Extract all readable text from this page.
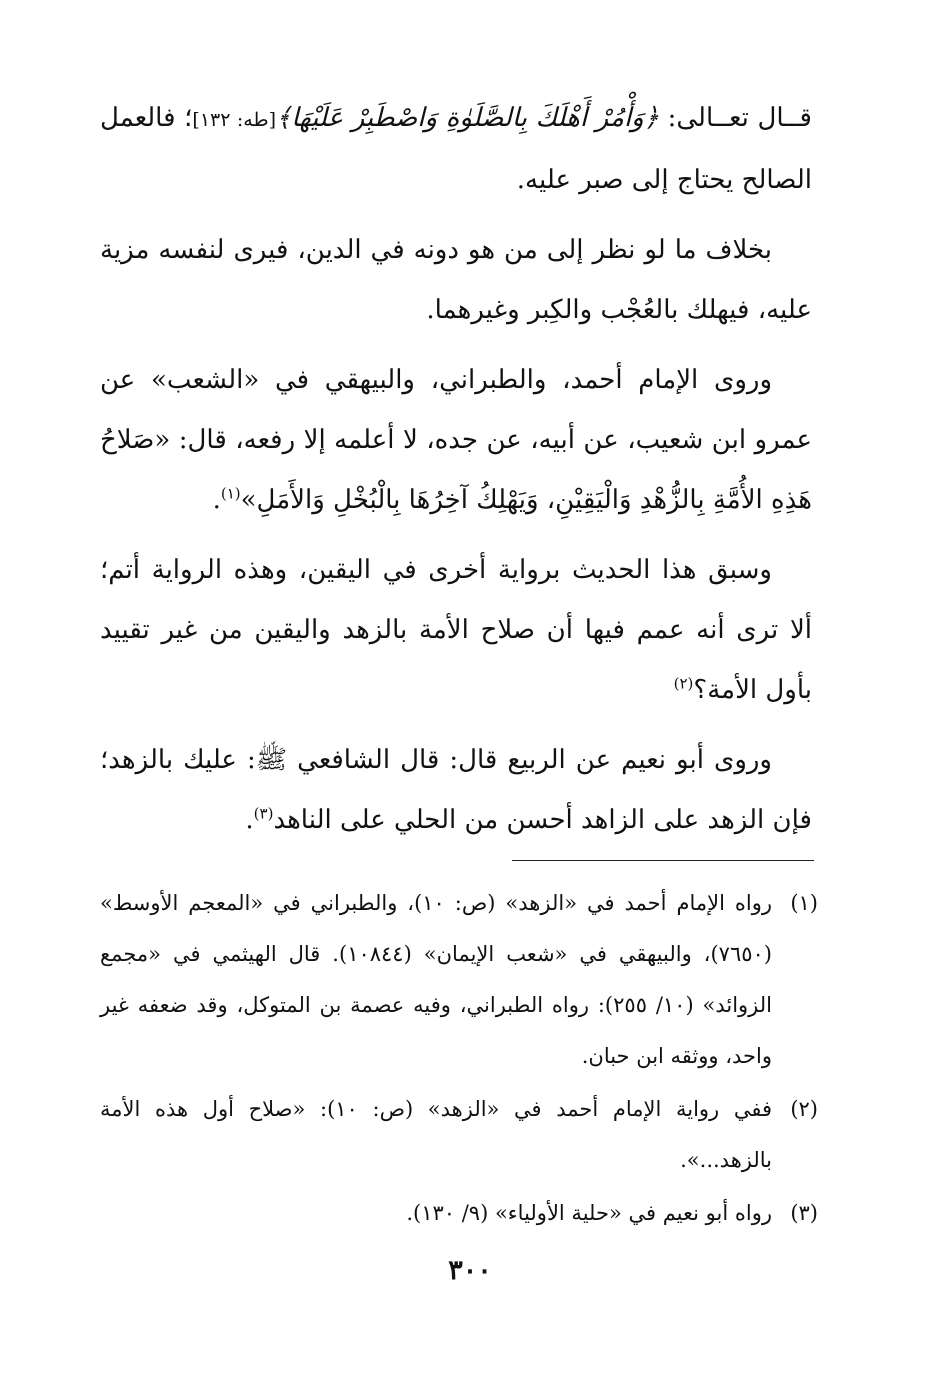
قــال تعــالى: ﴿وَأْمُرْ أَهْلَكَ بِالصَّلَوٰةِ وَاصْطَبِرْ عَلَيْهَا﴾[طه: ١٣٢]؛ فالعمل الصالح يحتاج إلى صبر عليه.

بخلاف ما لو نظر إلى من هو دونه في الدين، فيرى لنفسه مزية عليه، فيهلك بالعُجْب والكِبر وغيرهما.

وروى الإمام أحمد، والطبراني، والبيهقي في «الشعب» عن عمرو ابن شعيب، عن أبيه، عن جده، لا أعلمه إلا رفعه، قال: «صَلاحُ هَذِهِ الأُمَّةِ بِالزُّهْدِ وَالْيَقِيْنِ، وَيَهْلِكُ آخِرُهَا بِالْبُخْلِ وَالأَمَلِ»$^{(١)}$.

وسبق هذا الحديث برواية أخرى في اليقين، وهذه الرواية أتم؛ ألا ترى أنه عمم فيها أن صلاح الأمة بالزهد واليقين من غير تقييد بأول الأمة؟$^{(٢)}$

وروى أبو نعيم عن الربيع قال: قال الشافعي ﷺ: عليك بالزهد؛ فإن الزهد على الزاهد أحسن من الحلي على الناهد$^{(٣)}$.

(١)
رواه الإمام أحمد في «الزهد» (ص: ١٠)، والطبراني في «المعجم الأوسط» (٧٦٥٠)، والبيهقي في «شعب الإيمان» (١٠٨٤٤). قال الهيثمي في «مجمع الزوائد» (١٠/ ٢٥٥): رواه الطبراني، وفيه عصمة بن المتوكل، وقد ضعفه غير واحد، ووثقه ابن حبان.
(٢)
ففي رواية الإمام أحمد في «الزهد» (ص: ١٠): «صلاح أول هذه الأمة بالزهد...».
(٣)
رواه أبو نعيم في «حلية الأولياء» (٩/ ١٣٠).
٣٠٠
